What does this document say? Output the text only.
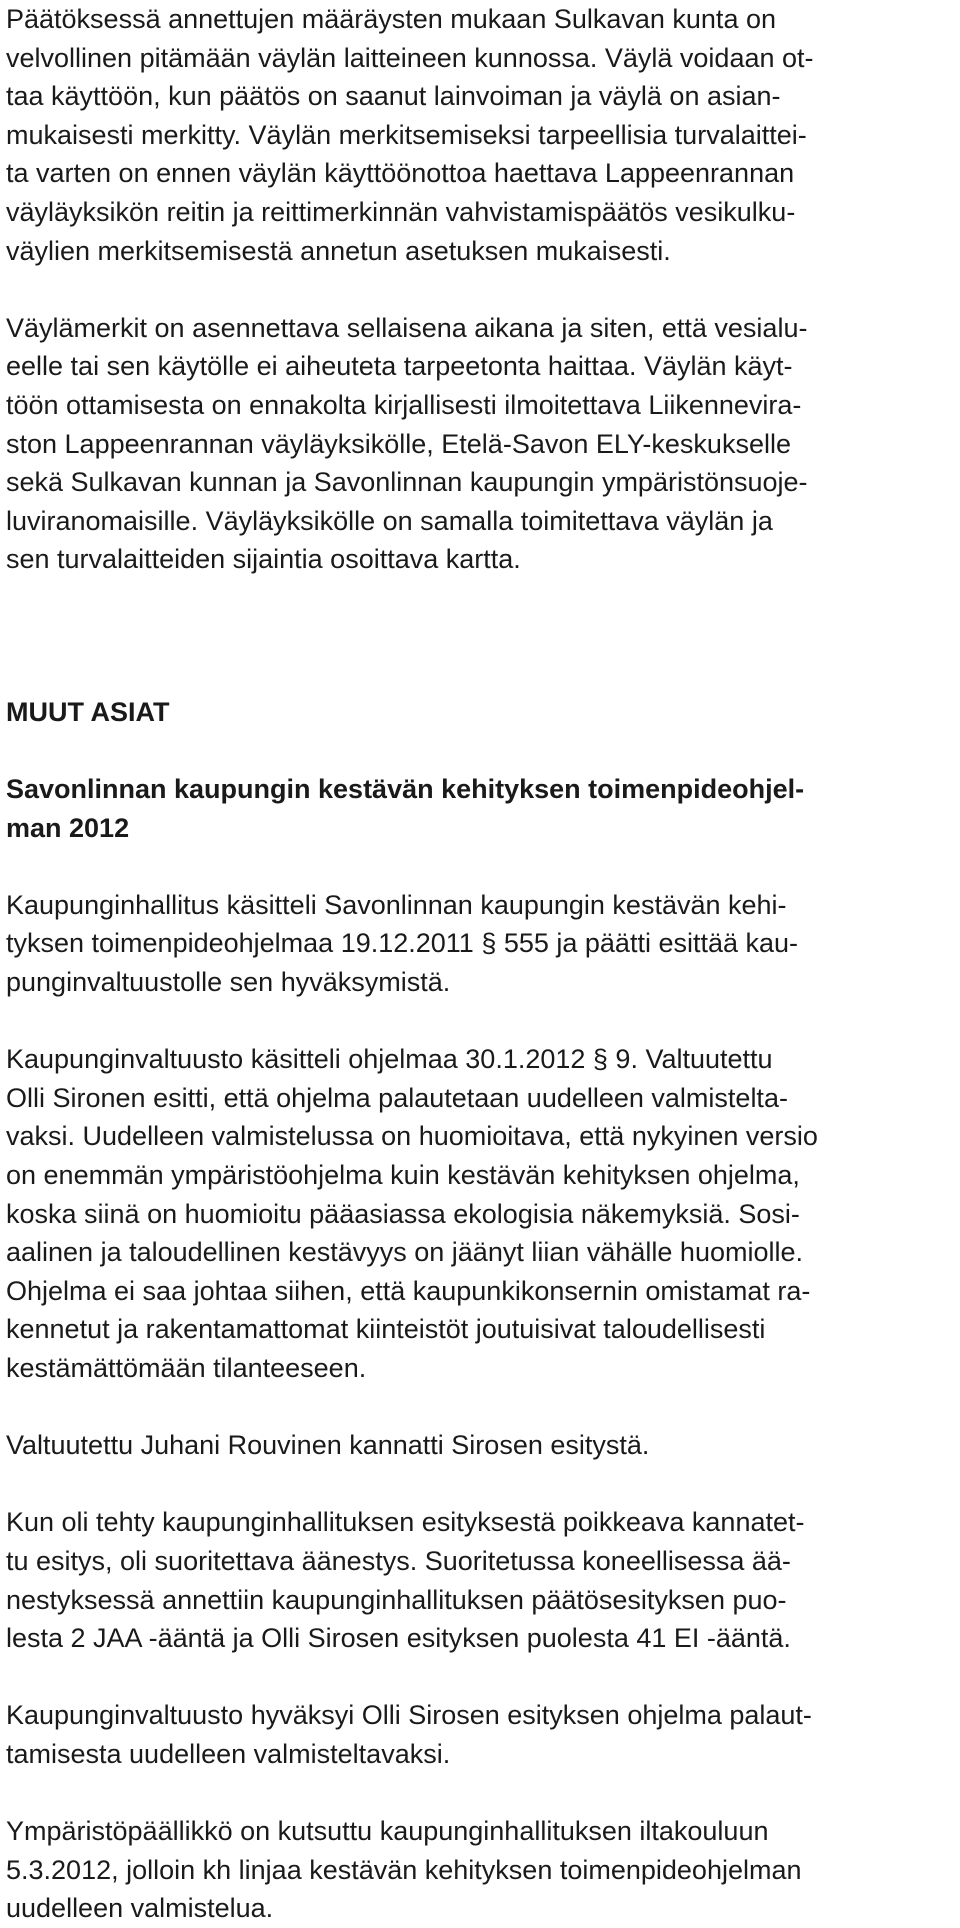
Päätöksessä annettujen määräysten mukaan Sulkavan kunta on
velvollinen pitämään väylän laitteineen kunnossa. Väylä voidaan ot-
taa käyttöön, kun päätös on saanut lainvoiman ja väylä on asian-
mukaisesti merkitty. Väylän merkitsemiseksi tarpeellisia turvalaittei-
ta varten on ennen väylän käyttöönottoa haettava Lappeenrannan
väyläyksikön reitin ja reittimerkinnän vahvistamispäätös vesikulku-
väylien merkitsemisestä annetun asetuksen mukaisesti.

Väylämerkit on asennettava sellaisena aikana ja siten, että vesialu-
eelle tai sen käytölle ei aiheuteta tarpeetonta haittaa. Väylän käyt-
töön ottamisesta on ennakolta kirjallisesti ilmoitettava Liikennevira-
ston Lappeenrannan väyläyksikölle, Etelä-Savon ELY-keskukselle
sekä Sulkavan kunnan ja Savonlinnan kaupungin ympäristönsuoje-
luviranomaisille. Väyläyksikölle on samalla toimitettava väylän ja
sen turvalaitteiden sijaintia osoittava kartta.

MUUT ASIAT

Savonlinnan kaupungin kestävän kehityksen toimenpideohjel-
man 2012

Kaupunginhallitus käsitteli Savonlinnan kaupungin kestävän kehi-
tyksen toimenpideohjelmaa 19.12.2011 § 555 ja päätti esittää kau-
punginvaltuustolle sen hyväksymistä.

Kaupunginvaltuusto käsitteli ohjelmaa 30.1.2012 § 9. Valtuutettu
Olli Sironen esitti, että ohjelma palautetaan uudelleen valmistelta-
vaksi. Uudelleen valmistelussa on huomioitava, että nykyinen versio
on enemmän ympäristöohjelma kuin kestävän kehityksen ohjelma,
koska siinä on huomioitu pääasiassa ekologisia näkemyksiä. Sosi-
aalinen ja taloudellinen kestävyys on jäänyt liian vähälle huomiolle.
Ohjelma ei saa johtaa siihen, että kaupunkikonsernin omistamat ra-
kennetut ja rakentamattomat kiinteistöt joutuisivat taloudellisesti
kestämättömään tilanteeseen.

Valtuutettu Juhani Rouvinen kannatti Sirosen esitystä.

Kun oli tehty kaupunginhallituksen esityksestä poikkeava kannatet-
tu esitys, oli suoritettava äänestys. Suoritetussa koneellisessa ää-
nestyksessä annettiin kaupunginhallituksen päätösesityksen puo-
lesta 2 JAA -ääntä ja Olli Sirosen esityksen puolesta 41 EI -ääntä.

Kaupunginvaltuusto hyväksyi Olli Sirosen esityksen ohjelma palaut-
tamisesta uudelleen valmisteltavaksi.

Ympäristöpäällikkö on kutsuttu kaupunginhallituksen iltakouluun
5.3.2012, jolloin kh linjaa kestävän kehityksen toimenpideohjelman
uudelleen valmistelua.
